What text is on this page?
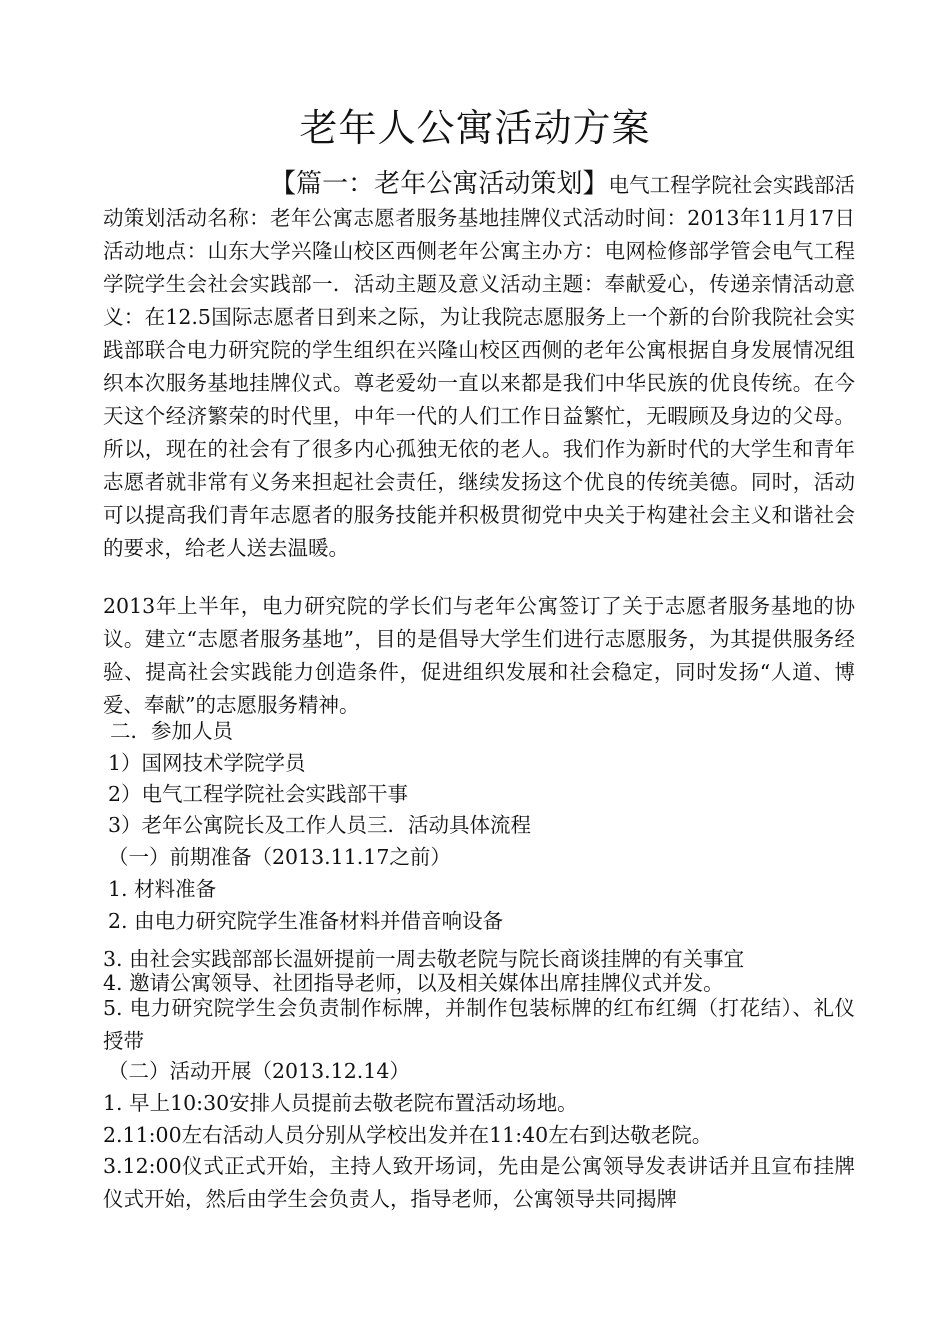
老年人公寓活动方案
【篇一：老年公寓活动策划】电气工程学院社会实践部活动策划活动名称：老年公寓志愿者服务基地挂牌仪式活动时间：2013年11月17日活动地点：山东大学兴隆山校区西侧老年公寓主办方：电网检修部学管会电气工程学院学生会社会实践部一．活动主题及意义活动主题：奉献爱心，传递亲情活动意义：在12.5国际志愿者日到来之际，为让我院志愿服务上一个新的台阶我院社会实践部联合电力研究院的学生组织在兴隆山校区西侧的老年公寓根据自身发展情况组织本次服务基地挂牌仪式。尊老爱幼一直以来都是我们中华民族的优良传统。在今天这个经济繁荣的时代里，中年一代的人们工作日益繁忙，无暇顾及身边的父母。所以，现在的社会有了很多内心孤独无依的老人。我们作为新时代的大学生和青年志愿者就非常有义务来担起社会责任，继续发扬这个优良的传统美德。同时，活动可以提高我们青年志愿者的服务技能并积极贯彻党中央关于构建社会主义和谐社会的要求，给老人送去温暖。
2013年上半年，电力研究院的学长们与老年公寓签订了关于志愿者服务基地的协议。建立“志愿者服务基地”，目的是倡导大学生们进行志愿服务，为其提供服务经验、提高社会实践能力创造条件，促进组织发展和社会稳定，同时发扬“人道、博爱、奉献”的志愿服务精神。
二．参加人员
1）国网技术学院学员
2）电气工程学院社会实践部干事
3）老年公寓院长及工作人员三．活动具体流程
（一）前期准备（2013.11.17之前）
1. 材料准备
2. 由电力研究院学生准备材料并借音响设备
3. 由社会实践部部长温妍提前一周去敬老院与院长商谈挂牌的有关事宜
4. 邀请公寓领导、社团指导老师，以及相关媒体出席挂牌仪式并发。
5. 电力研究院学生会负责制作标牌，并制作包装标牌的红布红绸（打花结）、礼仪授带
（二）活动开展（2013.12.14）
1. 早上10:30安排人员提前去敬老院布置活动场地。
2.11:00左右活动人员分别从学校出发并在11:40左右到达敬老院。
3.12:00仪式正式开始，主持人致开场词，先由是公寓领导发表讲话并且宣布挂牌仪式开始，然后由学生会负责人，指导老师，公寓领导共同揭牌
